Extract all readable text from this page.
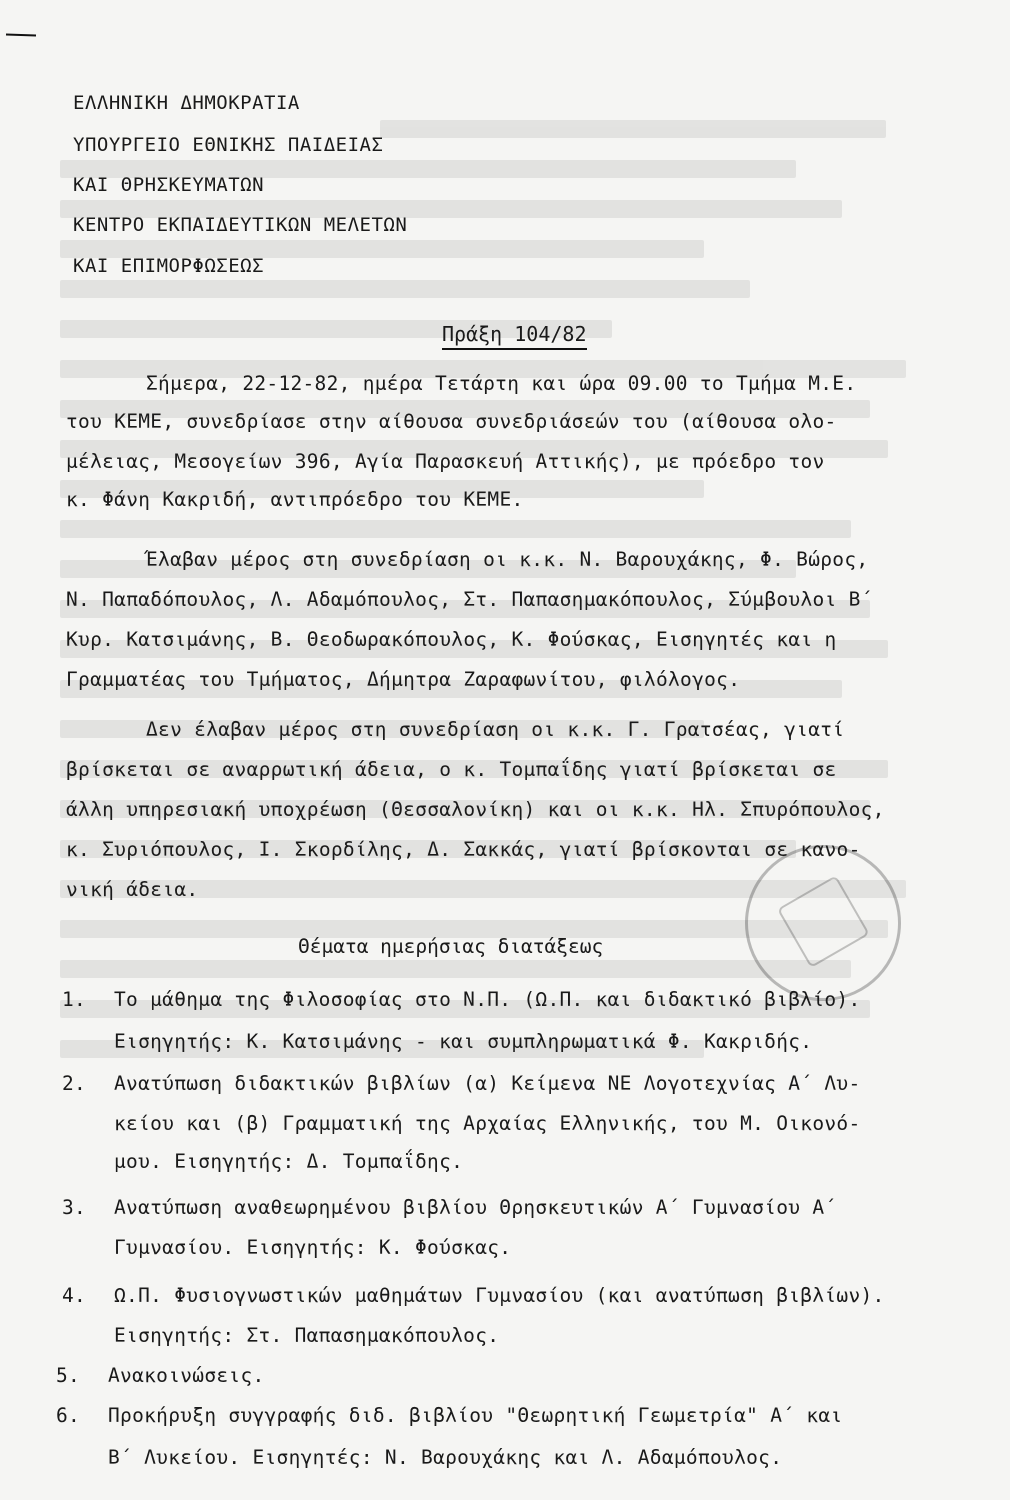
ΕΛΛΗΝΙΚΗ ΔΗΜΟΚΡΑΤΙΑ
ΥΠΟΥΡΓΕΙΟ ΕΘΝΙΚΗΣ ΠΑΙΔΕΙΑΣ
ΚΑΙ ΘΡΗΣΚΕΥΜΑΤΩΝ
ΚΕΝΤΡΟ ΕΚΠΑΙΔΕΥΤΙΚΩΝ ΜΕΛΕΤΩΝ
ΚΑΙ ΕΠΙΜΟΡΦΩΣΕΩΣ
Πράξη 104/82
Σήμερα, 22-12-82, ημέρα Τετάρτη και ώρα 09.00 το Τμήμα Μ.Ε.
του ΚΕΜΕ, συνεδρίασε στην αίθουσα συνεδριάσεών του (αίθουσα ολο-
μέλειας, Μεσογείων 396, Αγία Παρασκευή Αττικής), με πρόεδρο τον
κ. Φάνη Κακριδή, αντιπρόεδρο του ΚΕΜΕ.
Έλαβαν μέρος στη συνεδρίαση οι κ.κ. Ν. Βαρουχάκης, Φ. Βώρος,
Ν. Παπαδόπουλος, Λ. Αδαμόπουλος, Στ. Παπασημακόπουλος, Σύμβουλοι Β΄
Κυρ. Κατσιμάνης, Β. Θεοδωρακόπουλος, Κ. Φούσκας, Εισηγητές και η
Γραμματέας του Τμήματος, Δήμητρα Ζαραφωνίτου, φιλόλογος.
Δεν έλαβαν μέρος στη συνεδρίαση οι κ.κ. Γ. Γρατσέας, γιατί
βρίσκεται σε αναρρωτική άδεια, ο κ. Τομπαΐδης γιατί βρίσκεται σε
άλλη υπηρεσιακή υποχρέωση (Θεσσαλονίκη) και οι κ.κ. Ηλ. Σπυρόπουλος,
κ. Συριόπουλος, Ι. Σκορδίλης, Δ. Σακκάς, γιατί βρίσκονται σε κανο-
νική άδεια.
Θέματα ημερήσιας διατάξεως
1. Το μάθημα της Φιλοσοφίας στο Ν.Π. (Ω.Π. και διδακτικό βιβλίο).
Εισηγητής: Κ. Κατσιμάνης - και συμπληρωματικά Φ. Κακριδής.
2. Ανατύπωση διδακτικών βιβλίων (α) Κείμενα ΝΕ Λογοτεχνίας Α΄ Λυ-
κείου και (β) Γραμματική της Αρχαίας Ελληνικής, του Μ. Οικονό-
μου. Εισηγητής: Δ. Τομπαΐδης.
3. Ανατύπωση αναθεωρημένου βιβλίου Θρησκευτικών Α΄ Γυμνασίου Α΄
Γυμνασίου. Εισηγητής: Κ. Φούσκας.
4. Ω.Π. Φυσιογνωστικών μαθημάτων Γυμνασίου (και ανατύπωση βιβλίων).
Εισηγητής: Στ. Παπασημακόπουλος.
5. Ανακοινώσεις.
6. Προκήρυξη συγγραφής διδ. βιβλίου "Θεωρητική Γεωμετρία" Α΄ και
Β΄ Λυκείου. Εισηγητές: Ν. Βαρουχάκης και Λ. Αδαμόπουλος.
